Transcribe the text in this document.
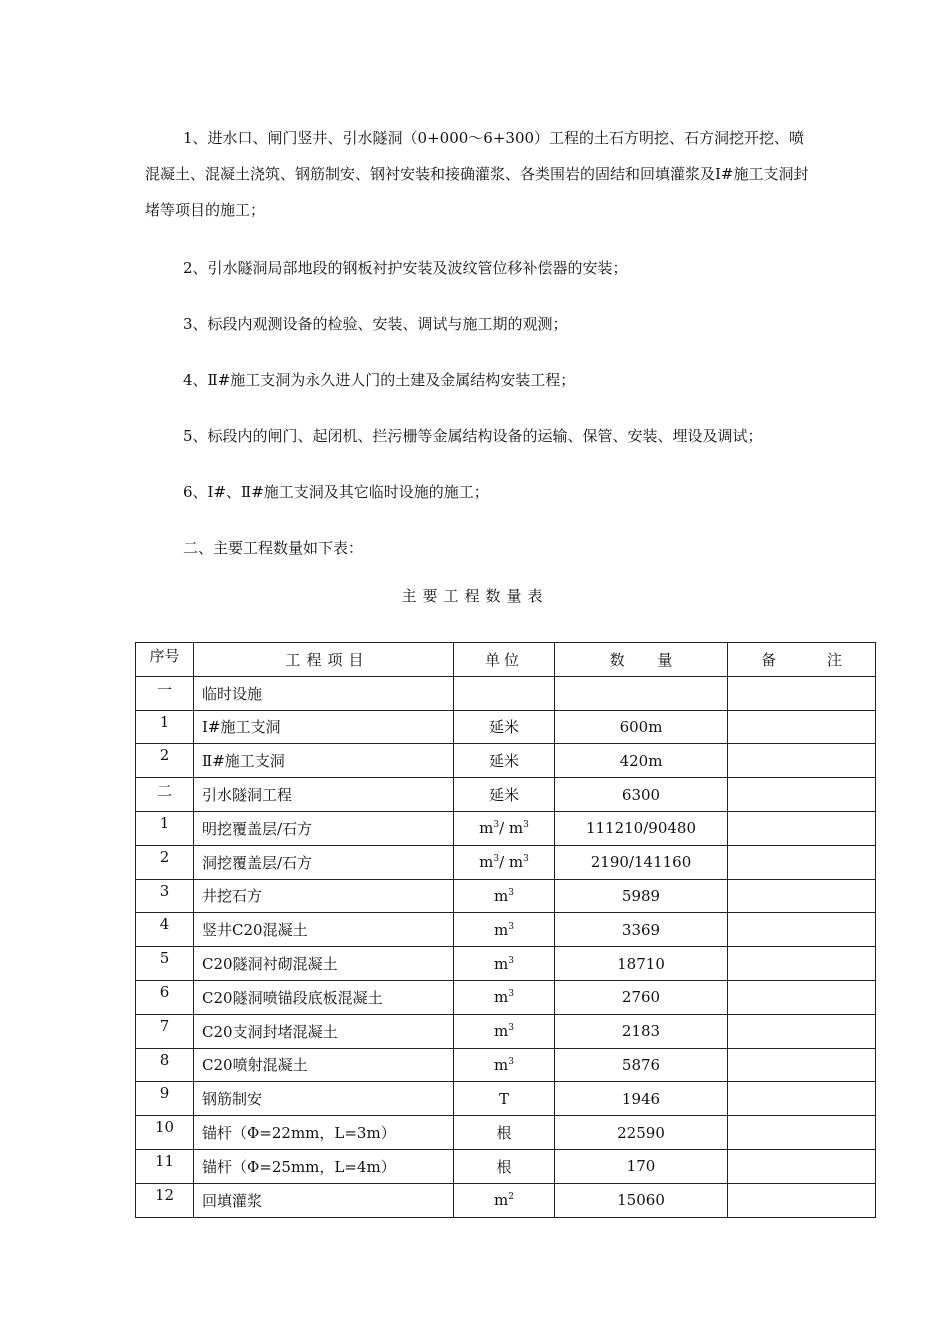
1、进水口、闸门竖井、引水隧洞（0+000～6+300）工程的土石方明挖、石方洞挖开挖、喷混凝土、混凝土浇筑、钢筋制安、钢衬安装和接确灌浆、各类围岩的固结和回填灌浆及Ⅰ#施工支洞封堵等项目的施工；

2、引水隧洞局部地段的钢板衬护安装及波纹管位移补偿器的安装；

3、标段内观测设备的检验、安装、调试与施工期的观测；

4、Ⅱ#施工支洞为永久进人门的土建及金属结构安装工程；

5、标段内的闸门、起闭机、拦污栅等金属结构设备的运输、保管、安装、埋设及调试；

6、Ⅰ#、Ⅱ#施工支洞及其它临时设施的施工；

二、主要工程数量如下表：

主要工程数量表

序号	工程项目	单位	数 量	备 注
一	临时设施			
1	Ⅰ#施工支洞	延米	600m	
2	Ⅱ#施工支洞	延米	420m	
二	引水隧洞工程	延米	6300	
1	明挖覆盖层/石方	$m^3/$ $m^3$	111210/90480	
2	洞挖覆盖层/石方	$m^3/$ $m^3$	2190/141160	
3	井挖石方	$m^3$	5989	
4	竖井C20混凝土	$m^3$	3369	
5	C20隧洞衬砌混凝土	$m^3$	18710	
6	C20隧洞喷锚段底板混凝土	$m^3$	2760	
7	C20支洞封堵混凝土	$m^3$	2183	
8	C20喷射混凝土	$m^3$	5876	
9	钢筋制安	T	1946	
10	锚杆（Φ=22mm，L=3m）	根	22590	
11	锚杆（Φ=25mm，L=4m）	根	170	
12	回填灌浆	$m^2$	15060	
